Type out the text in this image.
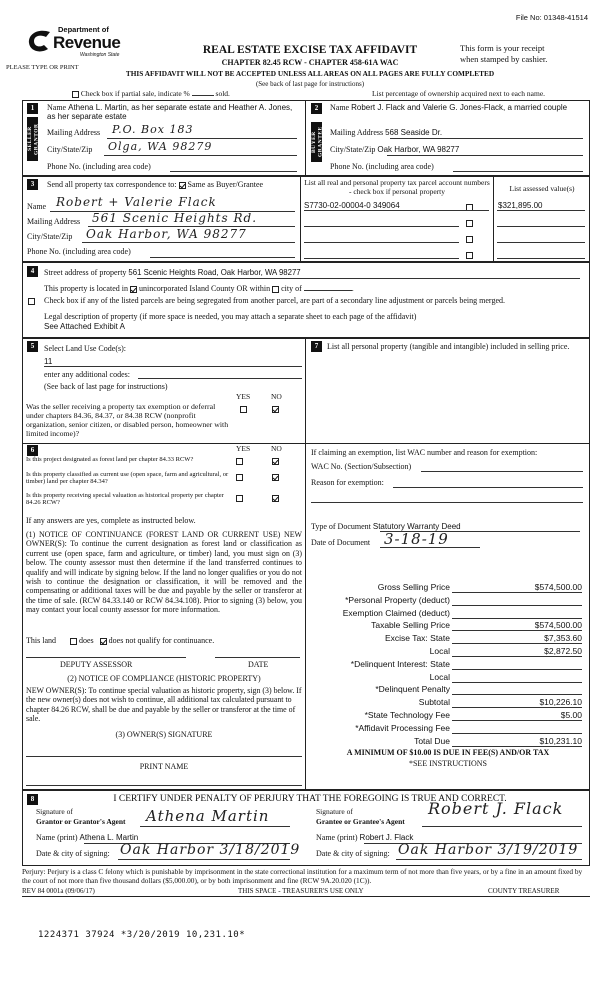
File No: 01348-41514
Department of
Revenue
Washington State
PLEASE TYPE OR PRINT
REAL ESTATE EXCISE TAX AFFIDAVIT
CHAPTER 82.45 RCW - CHAPTER 458-61A WAC
This form is your receipt
when stamped by cashier.
THIS AFFIDAVIT WILL NOT BE ACCEPTED UNLESS ALL AREAS ON ALL PAGES ARE FULLY COMPLETED
(See back of last page for instructions)
Check box if partial sale, indicate %	sold.	List percentage of ownership acquired next to each name.
1
SELLER GRANTOR
Name Athena L. Martin, as her separate estate and Heather A. Jones, as her separate estate
Mailing Address P.O. Box 183
City/State/Zip Olga, WA 98279
Phone No. (including area code)
2
BUYER GRANTEE
Name Robert J. Flack and Valerie G. Jones-Flack, a married couple
Mailing Address 568 Seaside Dr.
City/State/Zip Oak Harbor, WA 98277
Phone No. (including area code)
3	Send all property tax correspondence to: Same as Buyer/Grantee
Name Robert + Valerie Flack
Mailing Address 561 Scenic Heights Rd.
City/State/Zip Oak Harbor, WA 98277
Phone No. (including area code)
List all real and personal property tax parcel account numbers - check box if personal property	List assessed value(s)
S7730-02-00004-0 349064	$321,895.00
4	Street address of property 561 Scenic Heights Road, Oak Harbor, WA 98277
This property is located in unincorporated Island County OR within city of	.
Check box if any of the listed parcels are being segregated from another parcel, are part of a secondary line adjustment or parcels being merged.
Legal description of property (if more space is needed, you may attach a separate sheet to each page of the affidavit)
See Attached Exhibit A
5	Select Land Use Code(s):
11
enter any additional codes:
(See back of last page for instructions)
YES	NO
Was the seller receiving a property tax exemption or deferral under chapters 84.36, 84.37, or 84.38 RCW (nonprofit organization, senior citizen, or disabled person, homeowner with limited income)?
6	YES	NO
Is this project designated as forest land per chapter 84.33 RCW?
Is this property classified as current use (open space, farm and agricultural, or timber) land per chapter 84.34?
Is this property receiving special valuation as historical property per chapter 84.26 RCW?
If any answers are yes, complete as instructed below.
(1) NOTICE OF CONTINUANCE (FOREST LAND OR CURRENT USE) NEW OWNER(S): To continue the current designation as forest land or classification as current use (open space, farm and agriculture, or timber) land, you must sign on (3) below. The county assessor must then determine if the land transferred continues to qualify and will indicate by signing below. If the land no longer qualifies or you do not wish to continue the designation or classification, it will be removed and the compensating or additional taxes will be due and payable by the seller or transferor at the time of sale. (RCW 84.33.140 or RCW 84.34.108). Prior to signing (3) below, you may contact your local county assessor for more information.
This land	does does not qualify for continuance.
DEPUTY ASSESSOR	DATE
(2) NOTICE OF COMPLIANCE (HISTORIC PROPERTY)
NEW OWNER(S): To continue special valuation as historic property, sign (3) below. If the new owner(s) does not wish to continue, all additional tax calculated pursuant to chapter 84.26 RCW, shall be due and payable by the seller or transferor at the time of sale.
(3) OWNER(S) SIGNATURE
PRINT NAME
7	List all personal property (tangible and intangible) included in selling price.
If claiming an exemption, list WAC number and reason for exemption:
WAC No. (Section/Subsection)
Reason for exemption:
Type of Document Statutory Warranty Deed
Date of Document 3-18-19
Gross Selling Price	$574,500.00
*Personal Property (deduct)
Exemption Claimed (deduct)
Taxable Selling Price	$574,500.00
Excise Tax: State	$7,353.60
Local	$2,872.50
*Delinquent Interest: State
Local
*Delinquent Penalty
Subtotal	$10,226.10
*State Technology Fee	$5.00
*Affidavit Processing Fee
Total Due	$10,231.10
A MINIMUM OF $10.00 IS DUE IN FEE(S) AND/OR TAX
*SEE INSTRUCTIONS
8	I CERTIFY UNDER PENALTY OF PERJURY THAT THE FOREGOING IS TRUE AND CORRECT.
Signature of
Grantor or Grantor's Agent Athena Martin
Name (print) Athena L. Martin
Date & city of signing: Oak Harbor 3/18/2019
Signature of
Grantee or Grantee's Agent
Robert J. Flack
Name (print) Robert J. Flack
Date & city of signing: Oak Harbor 3/19/2019
Perjury: Perjury is a class C felony which is punishable by imprisonment in the state correctional institution for a maximum term of not more than five years, or by a fine in an amount fixed by the court of not more than five thousand dollars ($5,000.00), or by both imprisonment and fine (RCW 9A.20.020 (1C)).
REV 84 0001a (09/06/17)	THIS SPACE - TREASURER'S USE ONLY	COUNTY TREASURER
1224371 37924 *3/20/2019 10,231.10*
